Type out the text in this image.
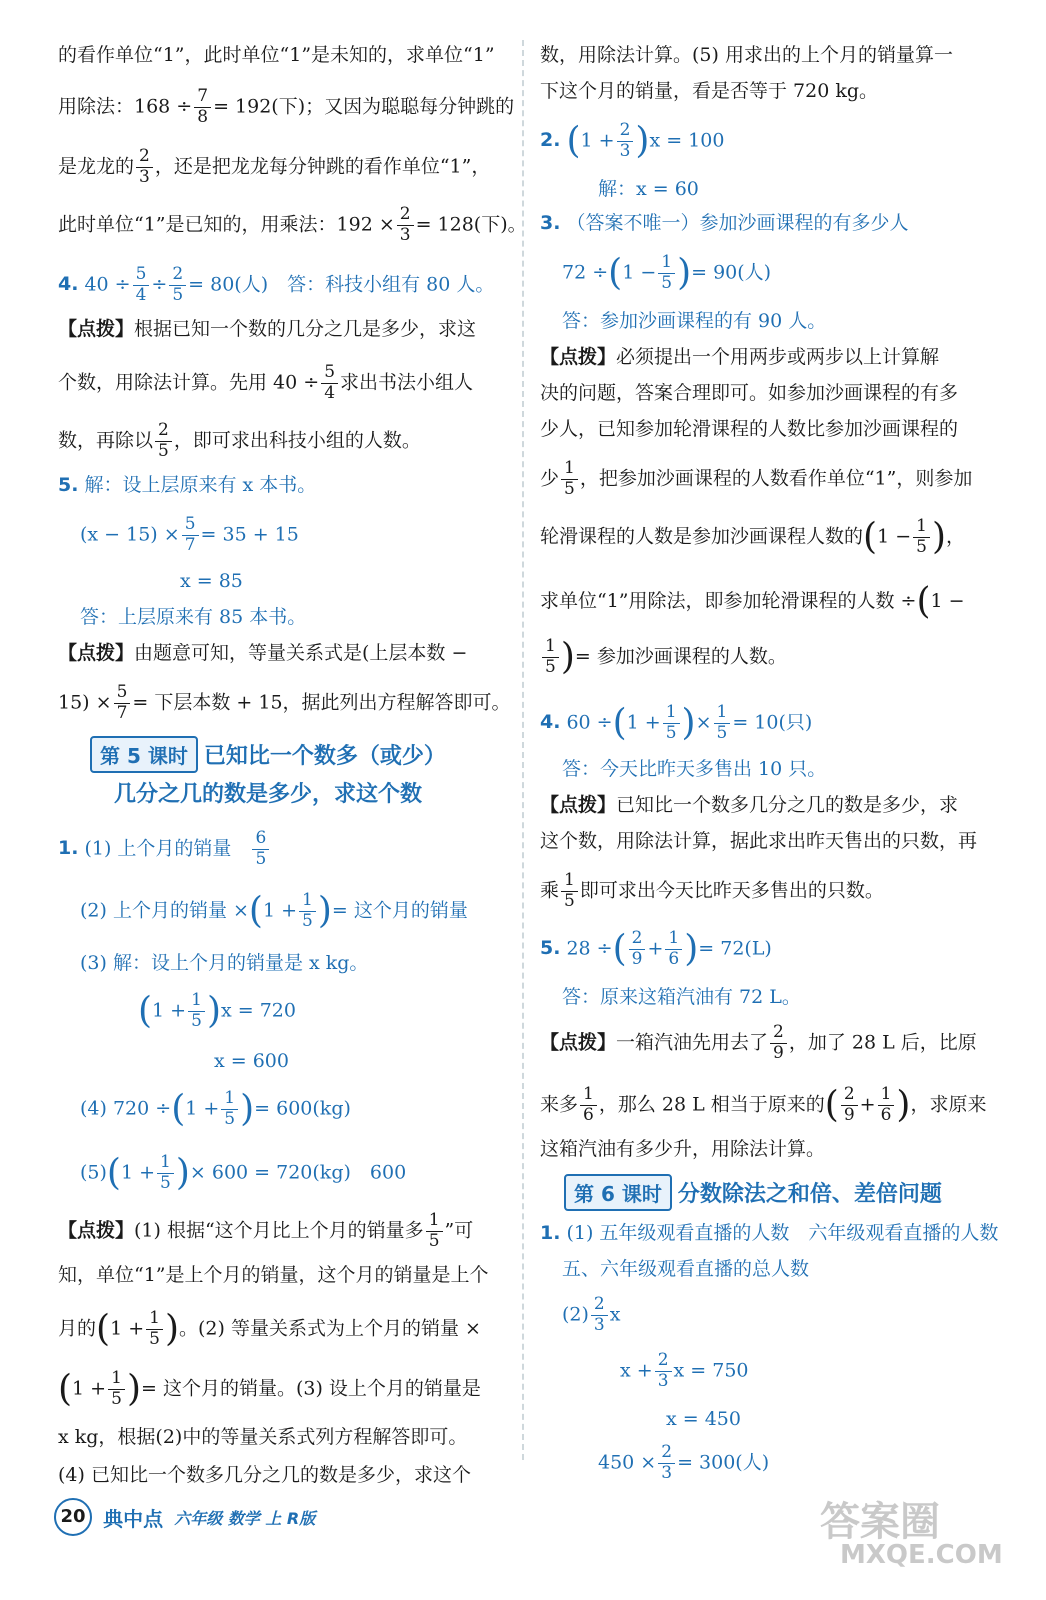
的看作单位“1”，此时单位“1”是未知的，求单位“1”
用除法：$168 \div \frac{7}{8} = 192$(下)；又因为聪聪每分钟跳的
是龙龙的 $\frac{2}{3}$ ，还是把龙龙每分钟跳的看作单位“1”，
此时单位“1”是已知的，用乘法：$192 \times \frac{2}{3} = 128$(下)。
4. $40 \div \frac{5}{4} \div \frac{2}{5} = 80$(人)　答：科技小组有 80 人。
【点拨】根据已知一个数的几分之几是多少，求这
个数，用除法计算。先用 $40 \div \frac{5}{4}$ 求出书法小组人
数，再除以 $\frac{2}{5}$ ，即可求出科技小组的人数。
5. 解：设上层原来有 x 本书。
$(x - 15) \times \frac{5}{7} = 35 + 15$
x = 85
答：上层原来有 85 本书。
【点拨】由题意可知，等量关系式是(上层本数 −
$15) \times \frac{5}{7}$ = 下层本数 + 15，据此列出方程解答即可。
第 5 课时 已知比一个数多（或少）
几分之几的数是多少，求这个数
1. (1) 上个月的销量　 $\frac{6}{5}$
(2) 上个月的销量 $\times(1 + \frac{1}{5}$ )= 这个月的销量
(3) 解：设上个月的销量是 x kg。
$(1 + \frac{1}{5} )x = 720$
x = 600
(4) $720 \div(1 + \frac{1}{5}$ )= 600(kg)
$(5)(1 + \frac{1}{5}$ )× 600 = 720(kg)　600
【点拨】(1) 根据“这个月比上个月的销量多 $\frac{1}{5}$ ”可
知，单位“1”是上个月的销量，这个月的销量是上个
月的($1 + \frac{1}{5}$ )。(2) 等量关系式为上个月的销量 ×
($1 + \frac{1}{5}$ )= 这个月的销量。(3) 设上个月的销量是
x kg，根据(2)中的等量关系式列方程解答即可。
(4) 已知比一个数多几分之几的数是多少，求这个
数，用除法计算。(5) 用求出的上个月的销量算一
下这个月的销量，看是否等于 720 kg。
2. $(1 + \frac{2}{3} )x = 100$
解：x = 60
3. （答案不唯一）参加沙画课程的有多少人
$72 \div(1 - \frac{1}{5}$ )= 90(人)
答：参加沙画课程的有 90 人。
【点拨】必须提出一个用两步或两步以上计算解
决的问题，答案合理即可。如参加沙画课程的有多
少人，已知参加轮滑课程的人数比参加沙画课程的
少 $\frac{1}{5}$ ，把参加沙画课程的人数看作单位“1”，则参加
轮滑课程的人数是参加沙画课程人数的($1 - \frac{1}{5}$ )，
求单位“1”用除法，即参加轮滑课程的人数 ÷(1 −
$\frac{1}{5}$ )= 参加沙画课程的人数。
4. $60 \div(1 + \frac{1}{5}$ )× $\frac{1}{5} = 10$(只)
答：今天比昨天多售出 10 只。
【点拨】已知比一个数多几分之几的数是多少，求
这个数，用除法计算，据此求出昨天售出的只数，再
乘 $\frac{1}{5}$ 即可求出今天比昨天多售出的只数。
5. 28 ÷( $\frac{2}{9} + \frac{1}{6}$ )= 72(L)
答：原来这箱汽油有 72 L。
【点拨】一箱汽油先用去了 $\frac{2}{9}$ ，加了 28 L 后，比原
来多 $\frac{1}{6}$ ，那么 28 L 相当于原来的( $\frac{2}{9} + \frac{1}{6}$ )，求原来
这箱汽油有多少升，用除法计算。
第 6 课时 分数除法之和倍、差倍问题
1. (1) 五年级观看直播的人数　六年级观看直播的人数
五、六年级观看直播的总人数
$(2) \frac{2}{3}$ x
$x + \frac{2}{3}$ x = 750
x = 450
$450 \times \frac{2}{3} = 300$(人)
20 典中点 六年级 数学 上 R版	答案圈
MXQE.COM
